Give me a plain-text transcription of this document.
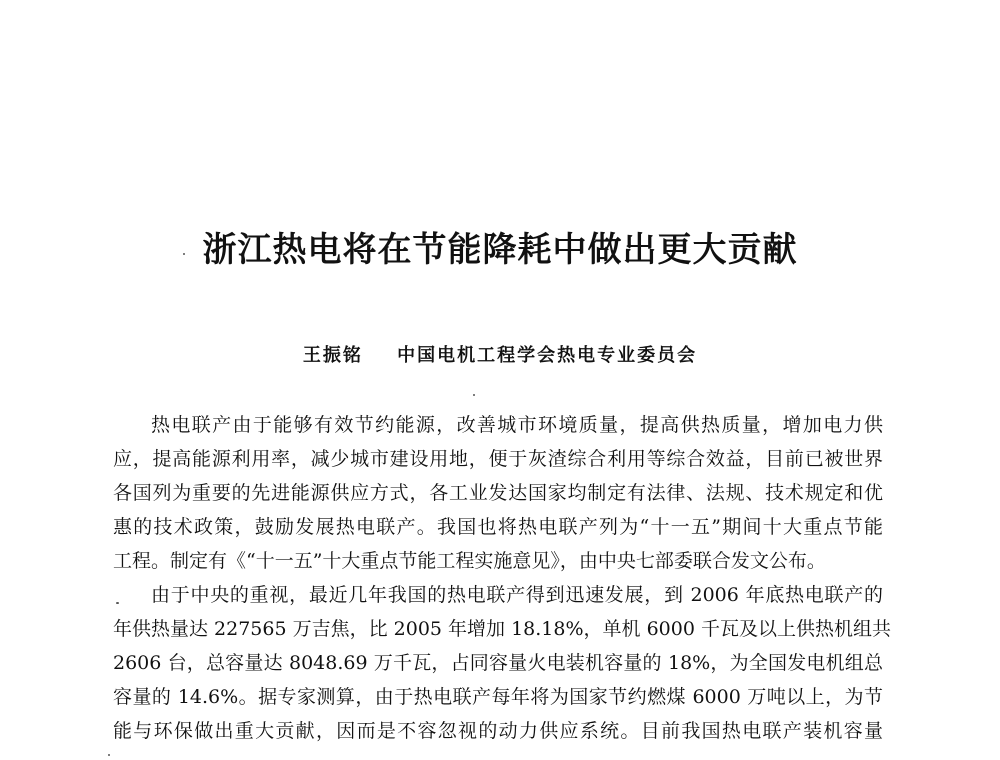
浙江热电将在节能降耗中做出更大贡献
王振铭 中国电机工程学会热电专业委员会
热电联产由于能够有效节约能源，改善城市环境质量，提高供热质量，增加电力供
应，提高能源利用率，减少城市建设用地，便于灰渣综合利用等综合效益，目前已被世界
各国列为重要的先进能源供应方式，各工业发达国家均制定有法律、法规、技术规定和优
惠的技术政策，鼓励发展热电联产。我国也将热电联产列为“十一五”期间十大重点节能
工程。制定有《“十一五”十大重点节能工程实施意见》，由中央七部委联合发文公布。
由于中央的重视，最近几年我国的热电联产得到迅速发展，到 2006 年底热电联产的
年供热量达 227565 万吉焦，比 2005 年增加 18.18%，单机 6000 千瓦及以上供热机组共
2606 台，总容量达 8048.69 万千瓦，占同容量火电装机容量的 18%，为全国发电机组总
容量的 14.6%。据专家测算，由于热电联产每年将为国家节约燃煤 6000 万吨以上，为节
能与环保做出重大贡献，因而是不容忽视的动力供应系统。目前我国热电联产装机容量
